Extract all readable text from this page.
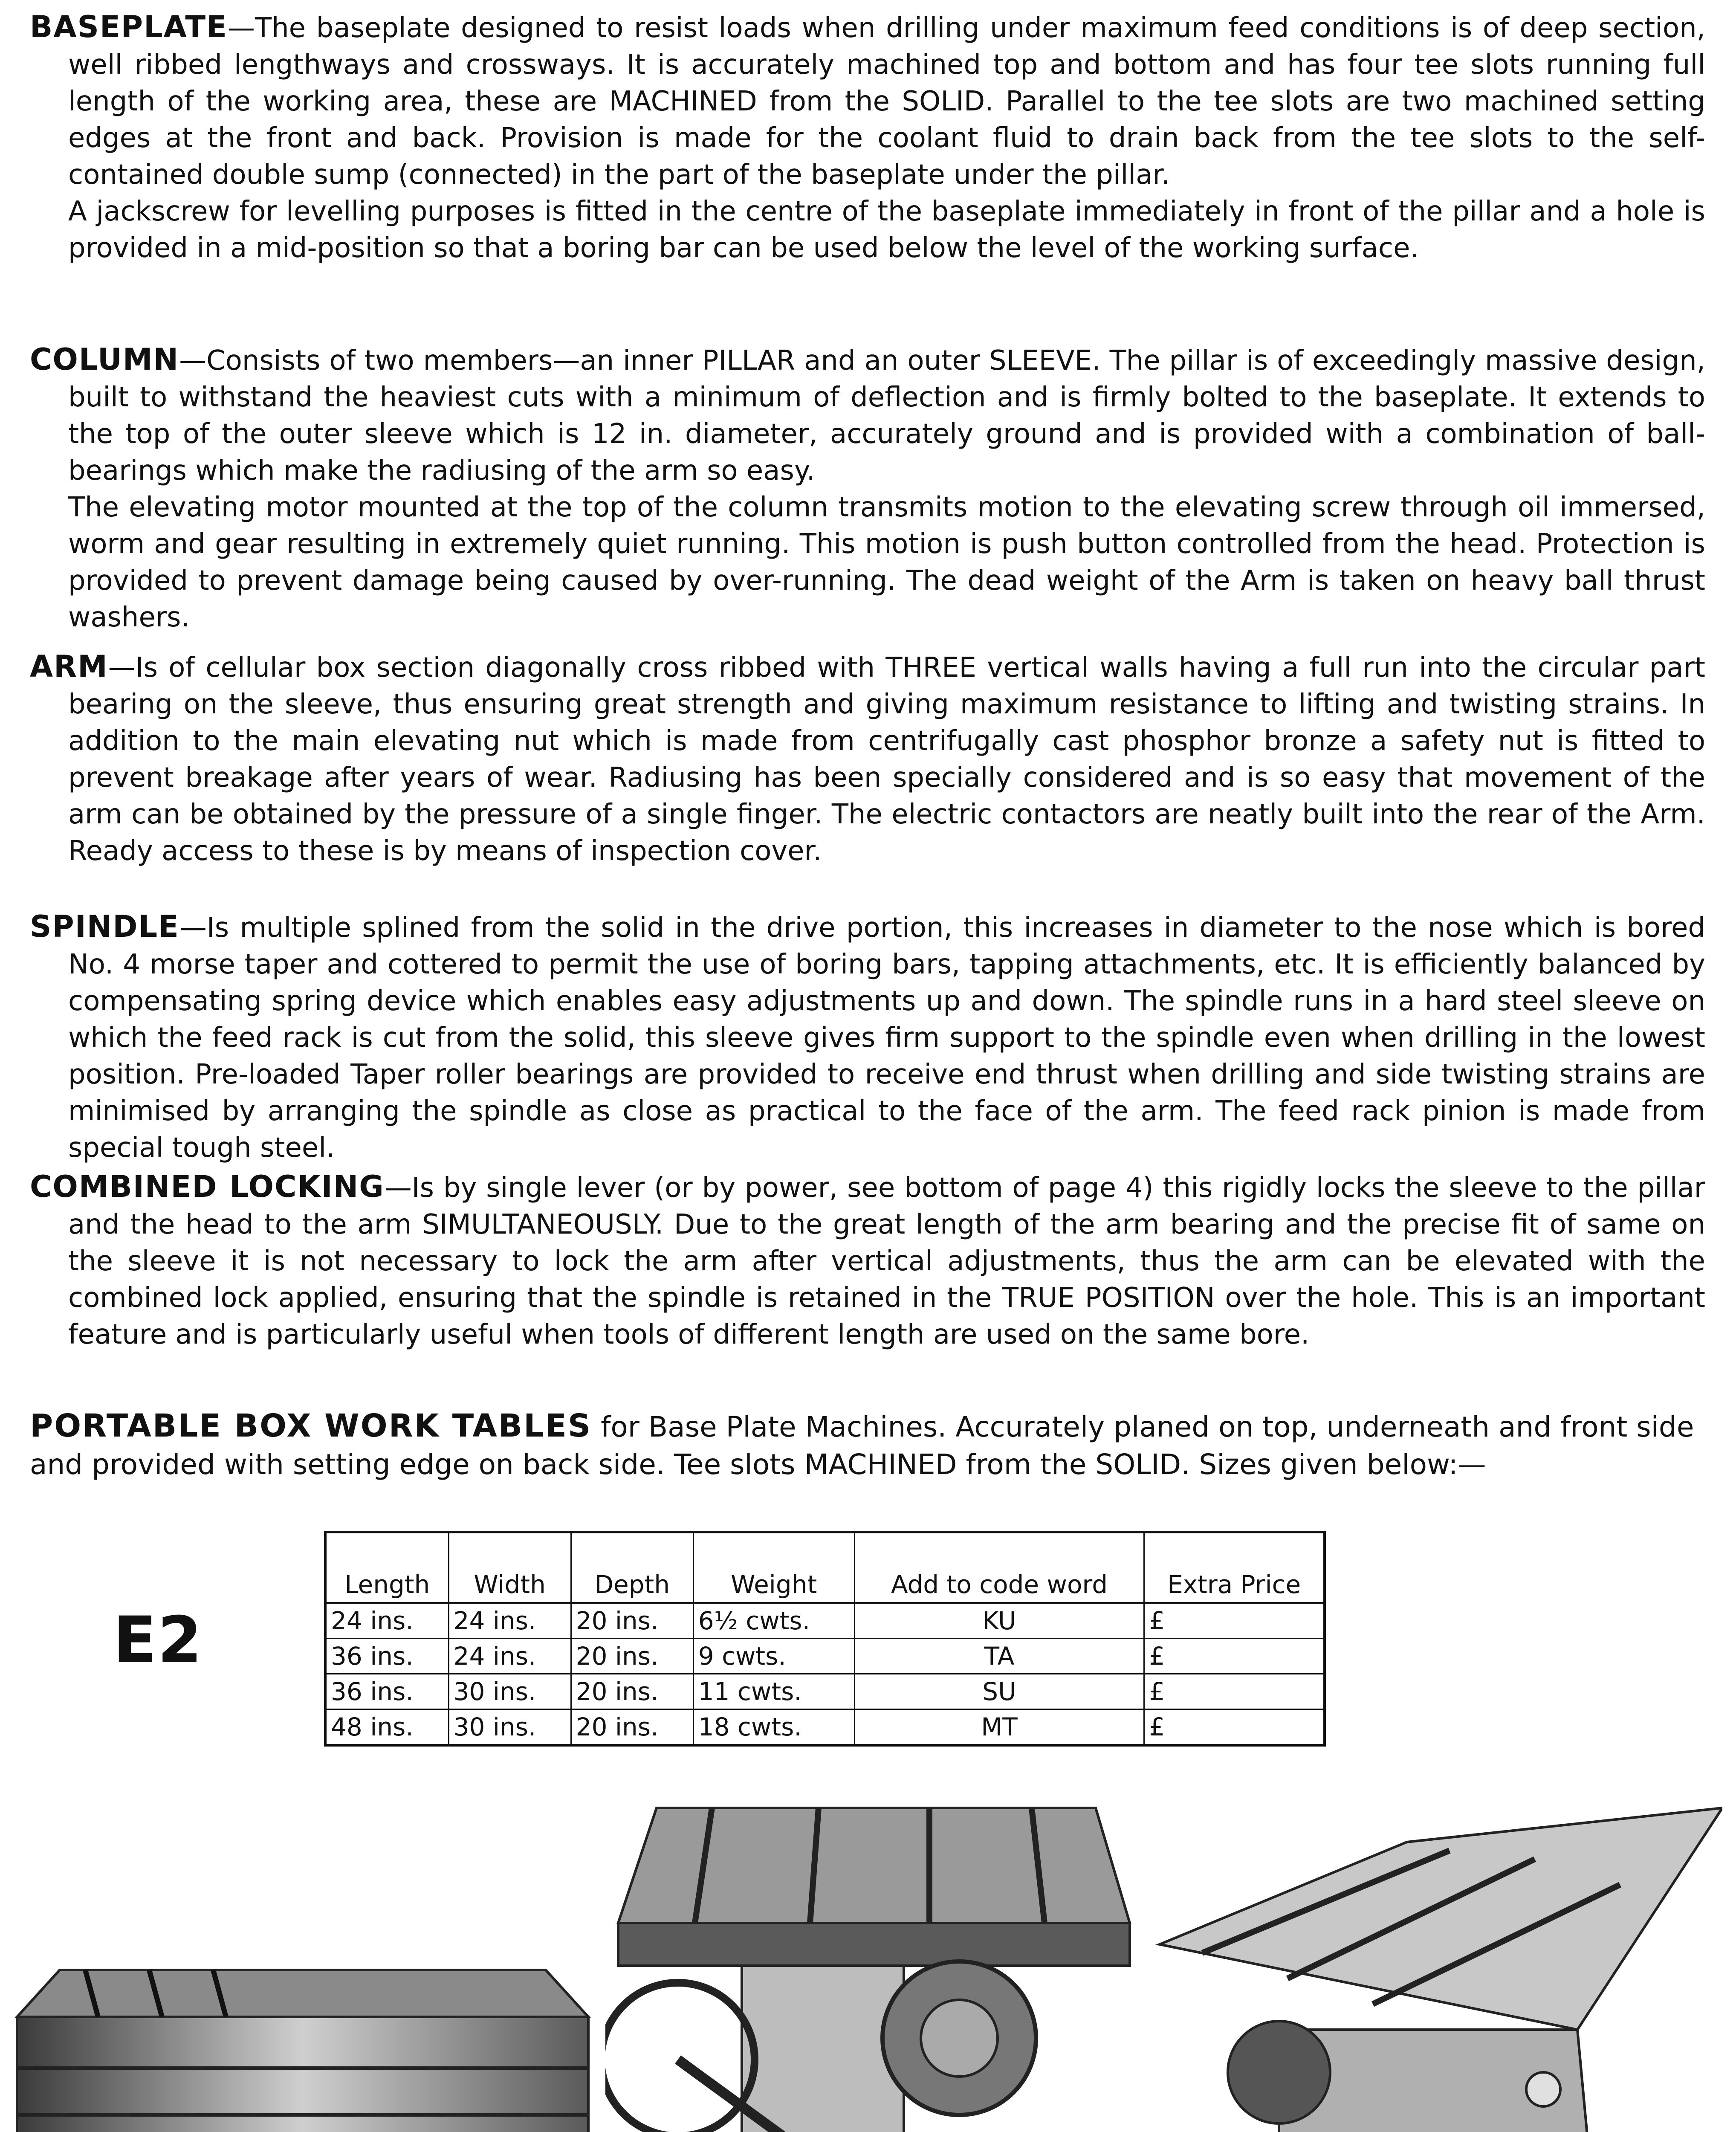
BASEPLATE—The baseplate designed to resist loads when drilling under maximum feed conditions is of deep section, well ribbed lengthways and crossways. It is accurately machined top and bottom and has four tee slots running full length of the working area, these are MACHINED from the SOLID. Parallel to the tee slots are two machined setting edges at the front and back. Provision is made for the coolant fluid to drain back from the tee slots to the self-contained double sump (connected) in the part of the baseplate under the pillar.

A jackscrew for levelling purposes is fitted in the centre of the baseplate immediately in front of the pillar and a hole is provided in a mid-position so that a boring bar can be used below the level of the working surface.

COLUMN—Consists of two members—an inner PILLAR and an outer SLEEVE. The pillar is of exceedingly massive design, built to withstand the heaviest cuts with a minimum of deflection and is firmly bolted to the baseplate. It extends to the top of the outer sleeve which is 12 in. diameter, accurately ground and is provided with a combination of ball-bearings which make the radiusing of the arm so easy.

The elevating motor mounted at the top of the column transmits motion to the elevating screw through oil immersed, worm and gear resulting in extremely quiet running. This motion is push button controlled from the head. Protection is provided to prevent damage being caused by over-running. The dead weight of the Arm is taken on heavy ball thrust washers.

ARM—Is of cellular box section diagonally cross ribbed with THREE vertical walls having a full run into the circular part bearing on the sleeve, thus ensuring great strength and giving maximum resistance to lifting and twisting strains. In addition to the main elevating nut which is made from centrifugally cast phosphor bronze a safety nut is fitted to prevent breakage after years of wear. Radiusing has been specially considered and is so easy that movement of the arm can be obtained by the pressure of a single finger. The electric contactors are neatly built into the rear of the Arm. Ready access to these is by means of inspection cover.

SPINDLE—Is multiple splined from the solid in the drive portion, this increases in diameter to the nose which is bored No. 4 morse taper and cottered to permit the use of boring bars, tapping attachments, etc. It is efficiently balanced by compensating spring device which enables easy adjustments up and down. The spindle runs in a hard steel sleeve on which the feed rack is cut from the solid, this sleeve gives firm support to the spindle even when drilling in the lowest position. Pre-loaded Taper roller bearings are provided to receive end thrust when drilling and side twisting strains are minimised by arranging the spindle as close as practical to the face of the arm. The feed rack pinion is made from special tough steel.

COMBINED LOCKING—Is by single lever (or by power, see bottom of page 4) this rigidly locks the sleeve to the pillar and the head to the arm SIMULTANEOUSLY. Due to the great length of the arm bearing and the precise fit of same on the sleeve it is not necessary to lock the arm after vertical adjustments, thus the arm can be elevated with the combined lock applied, ensuring that the spindle is retained in the TRUE POSITION over the hole. This is an important feature and is particularly useful when tools of different length are used on the same bore.

PORTABLE BOX WORK TABLES for Base Plate Machines. Accurately planed on top, underneath and front side and provided with setting edge on back side. Tee slots MACHINED from the SOLID. Sizes given below:—
E2
Length	Width	Depth	Weight	Add to code word	Extra Price
24 ins.	24 ins.	20 ins.	6½ cwts.	KU	£
36 ins.	24 ins.	20 ins.	9 cwts.	TA	£
36 ins.	30 ins.	20 ins.	11 cwts.	SU	£
48 ins.	30 ins.	20 ins.	18 cwts.	MT	£
